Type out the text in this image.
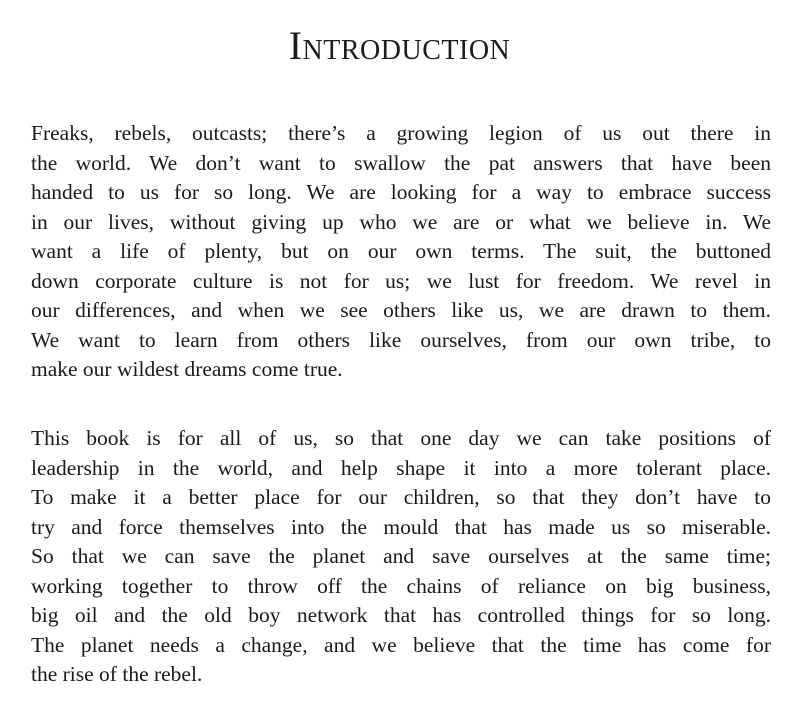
Introduction

Freaks, rebels, outcasts; there’s a growing legion of us out there in
the world. We don’t want to swallow the pat answers that have been
handed to us for so long. We are looking for a way to embrace success
in our lives, without giving up who we are or what we believe in. We
want a life of plenty, but on our own terms. The suit, the buttoned
down corporate culture is not for us; we lust for freedom. We revel in
our differences, and when we see others like us, we are drawn to them.
We want to learn from others like ourselves, from our own tribe, to
make our wildest dreams come true.

This book is for all of us, so that one day we can take positions of
leadership in the world, and help shape it into a more tolerant place.
To make it a better place for our children, so that they don’t have to
try and force themselves into the mould that has made us so miserable.
So that we can save the planet and save ourselves at the same time;
working together to throw off the chains of reliance on big business,
big oil and the old boy network that has controlled things for so long.
The planet needs a change, and we believe that the time has come for
the rise of the rebel.
